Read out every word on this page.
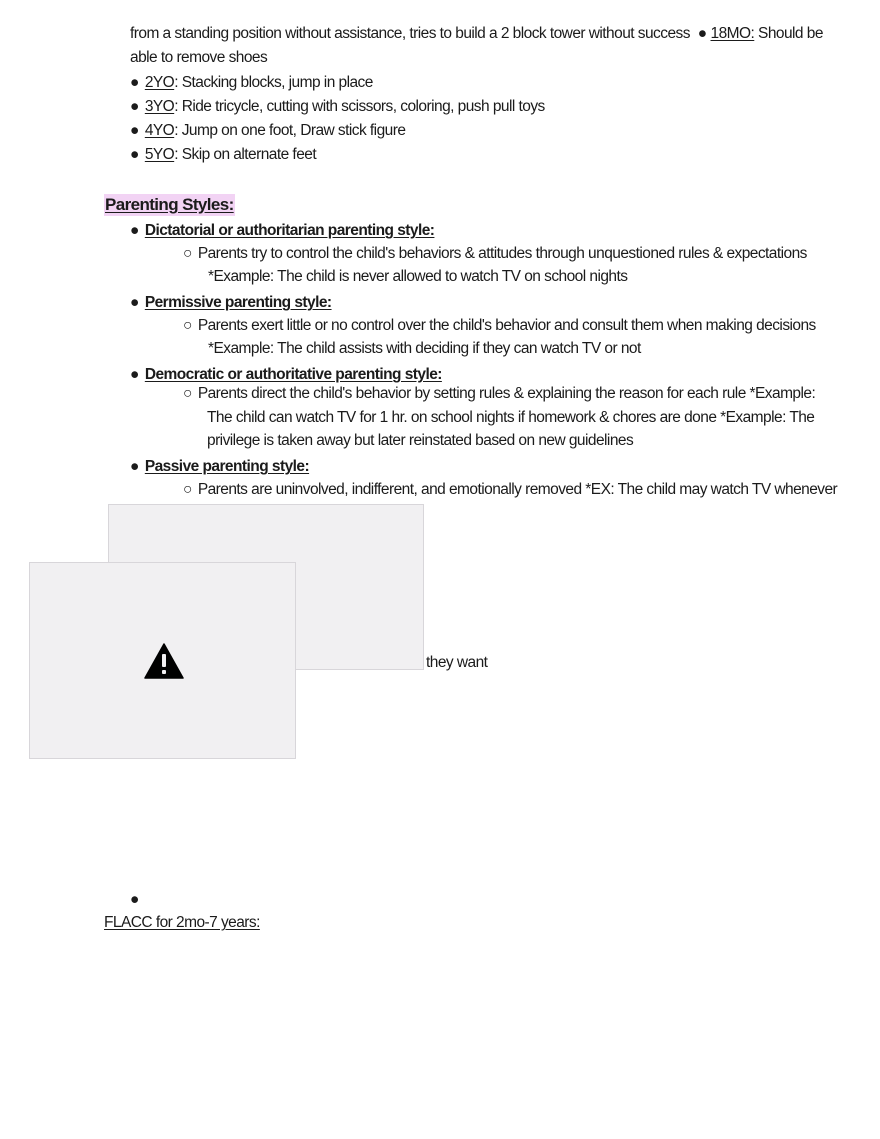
from a standing position without assistance, tries to build a 2 block tower without success ● 18MO: Should be
able to remove shoes
● 2YO: Stacking blocks, jump in place
● 3YO: Ride tricycle, cutting with scissors, coloring, push pull toys
● 4YO: Jump on one foot, Draw stick figure
● 5YO: Skip on alternate feet
Parenting Styles:
● Dictatorial or authoritarian parenting style:
○ Parents try to control the child's behaviors & attitudes through unquestioned rules & expectations
*Example: The child is never allowed to watch TV on school nights
● Permissive parenting style:
○ Parents exert little or no control over the child's behavior and consult them when making decisions
*Example: The child assists with deciding if they can watch TV or not
● Democratic or authoritative parenting style:
○ Parents direct the child's behavior by setting rules & explaining the reason for each rule *Example:
The child can watch TV for 1 hr. on school nights if homework & chores are done *Example: The
privilege is taken away but later reinstated based on new guidelines
● Passive parenting style:
○ Parents are uninvolved, indifferent, and emotionally removed *EX: The child may watch TV whenever
they want
●
FLACC for 2mo-7 years:
